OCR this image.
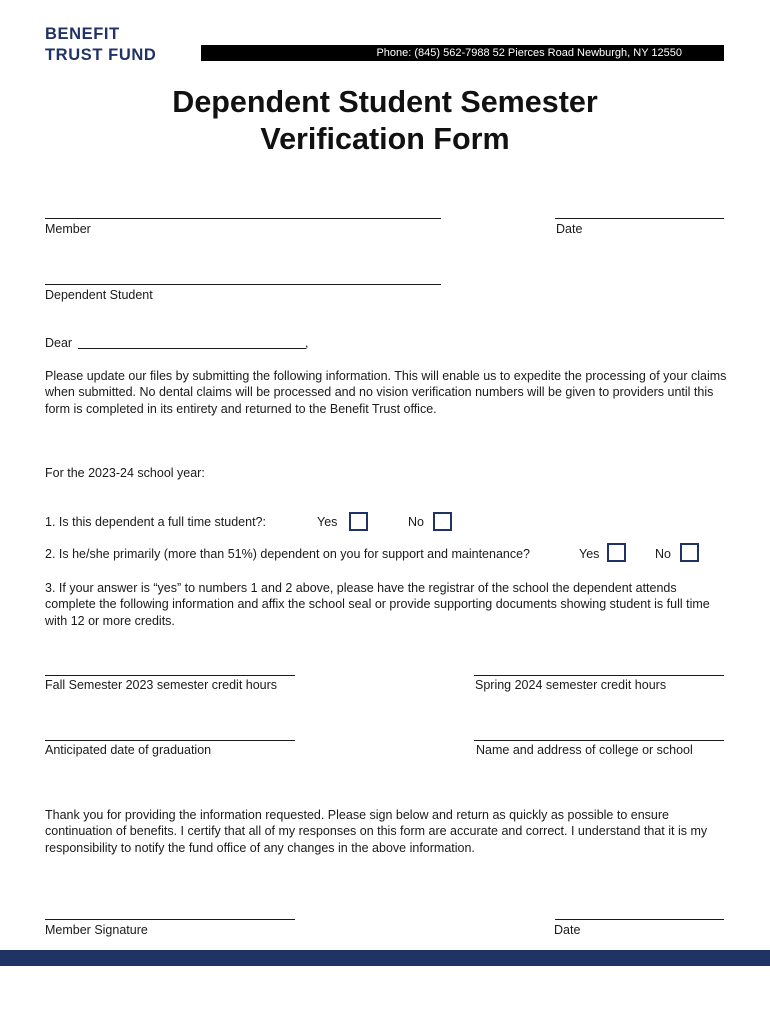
BENEFIT
TRUST FUND	Phone: (845) 562-7988 52 Pierces Road Newburgh, NY 12550
Dependent Student Semester
Verification Form
Member	Date
Dependent Student
Dear	,
Please update our files by submitting the following information. This will enable us to expedite the processing of your claims when submitted. No dental claims will be processed and no vision verification numbers will be given to providers until this form is completed in its entirety and returned to the Benefit Trust office.
For the 2023-24 school year:
1. Is this dependent a full time student?:	Yes	No
2. Is he/she primarily (more than 51%) dependent on you for support and maintenance?	Yes	No
3. If your answer is “yes” to numbers 1 and 2 above, please have the registrar of the school the dependent attends complete the following information and affix the school seal or provide supporting documents showing student is full time with 12 or more credits.
Fall Semester 2023 semester credit hours	Spring 2024 semester credit hours
Anticipated date of graduation	Name and address of college or school
Thank you for providing the information requested. Please sign below and return as quickly as possible to ensure continuation of benefits. I certify that all of my responses on this form are accurate and correct. I understand that it is my responsibility to notify the fund office of any changes in the above information.
Member Signature	Date
